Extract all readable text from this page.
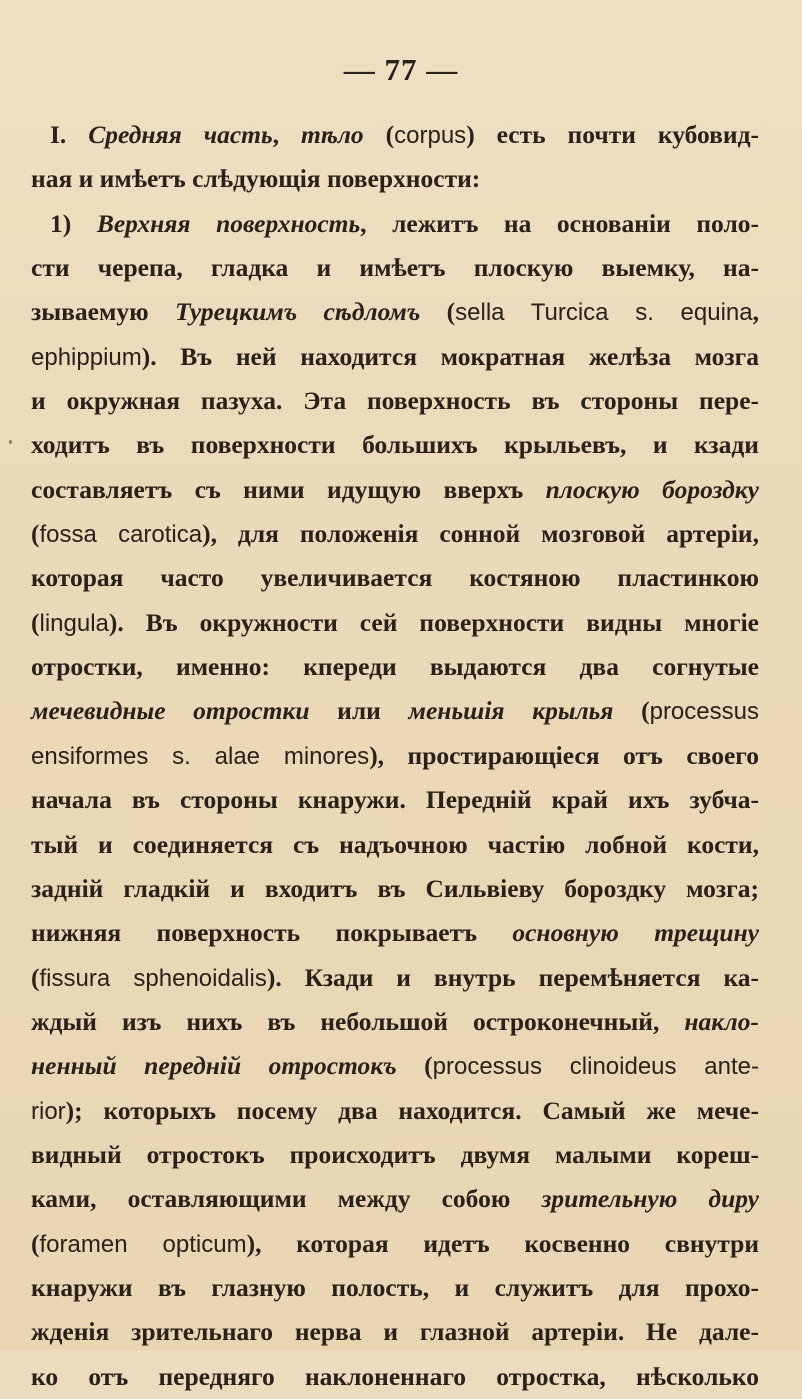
— 77 —
I. Средняя часть, тѣло (corpus) есть почти кубовид-
ная и имѣетъ слѣдующія поверхности:
1) Верхняя поверхность, лежитъ на основаніи поло-
сти черепа, гладка и имѣетъ плоскую выемку, на-
зываемую Турецкимъ сѣдломъ (sella Turcica s. equina,
ephippium). Въ ней находится мократная желѣза мозга
и окружная пазуха. Эта поверхность въ стороны пере-
ходитъ въ поверхности большихъ крыльевъ, и кзади
составляетъ съ ними идущую вверхъ плоскую бороздку
(fossa carotica), для положенія сонной мозговой артеріи,
которая часто увеличивается костяною пластинкою
(lingula). Въ окружности сей поверхности видны многіе
отростки, именно: кпереди выдаются два согнутые
мечевидные отростки или меньшія крылья (processus
ensiformes s. alae minores), простирающіеся отъ своего
начала въ стороны кнаружи. Передній край ихъ зубча-
тый и соединяется съ надъочною частію лобной кости,
задній гладкій и входитъ въ Сильвіеву бороздку мозга;
нижняя поверхность покрываетъ основную трещину
(fissura sphenoidalis). Кзади и внутрь перемѣняется ка-
ждый изъ нихъ въ небольшой остроконечный, накло-
ненный передній отростокъ (processus clinoideus ante-
rior); которыхъ посему два находится. Самый же мече-
видный отростокъ происходитъ двумя малыми кореш-
ками, оставляющими между собою зрительную диру
(foramen opticum), которая идетъ косвенно свнутри
кнаружи въ глазную полость, и служитъ для прохо-
жденія зрительнаго нерва и глазной артеріи. Не дале-
ко отъ передняго наклоненнаго отростка, нѣсколько
